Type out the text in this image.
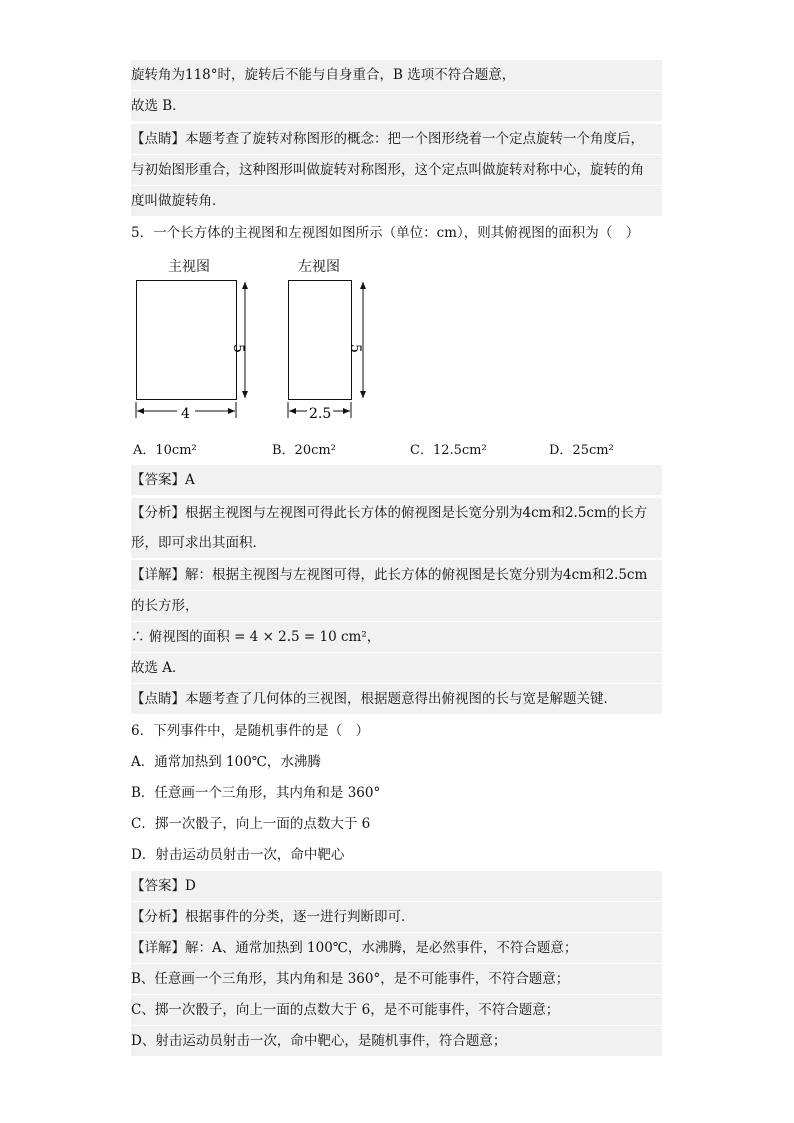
旋转角为118°时，旋转后不能与自身重合，B 选项不符合题意，
故选 B．
【点睛】本题考查了旋转对称图形的概念：把一个图形绕着一个定点旋转一个角度后，
与初始图形重合，这种图形叫做旋转对称图形，这个定点叫做旋转对称中心，旋转的角
度叫做旋转角．
5．一个长方体的主视图和左视图如图所示（单位：cm），则其俯视图的面积为（　）
主视图	左视图
5
4
5
2.5
A．10cm²	B．20cm²	C．12.5cm²	D．25cm²
【答案】A
【分析】根据主视图与左视图可得此长方体的俯视图是长宽分别为4cm和2.5cm的长方
形，即可求出其面积．
【详解】解：根据主视图与左视图可得，此长方体的俯视图是长宽分别为4cm和2.5cm
的长方形，
∴ 俯视图的面积 = 4 × 2.5 = 10 cm²，
故选 A．
【点睛】本题考查了几何体的三视图，根据题意得出俯视图的长与宽是解题关键．
6．下列事件中，是随机事件的是（　）
A．通常加热到 100℃，水沸腾
B．任意画一个三角形，其内角和是 360°
C．掷一次骰子，向上一面的点数大于 6
D．射击运动员射击一次，命中靶心
【答案】D
【分析】根据事件的分类，逐一进行判断即可．
【详解】解：A、通常加热到 100℃，水沸腾，是必然事件，不符合题意；
B、任意画一个三角形，其内角和是 360°，是不可能事件，不符合题意；
C、掷一次骰子，向上一面的点数大于 6，是不可能事件，不符合题意；
D、射击运动员射击一次，命中靶心，是随机事件，符合题意；
